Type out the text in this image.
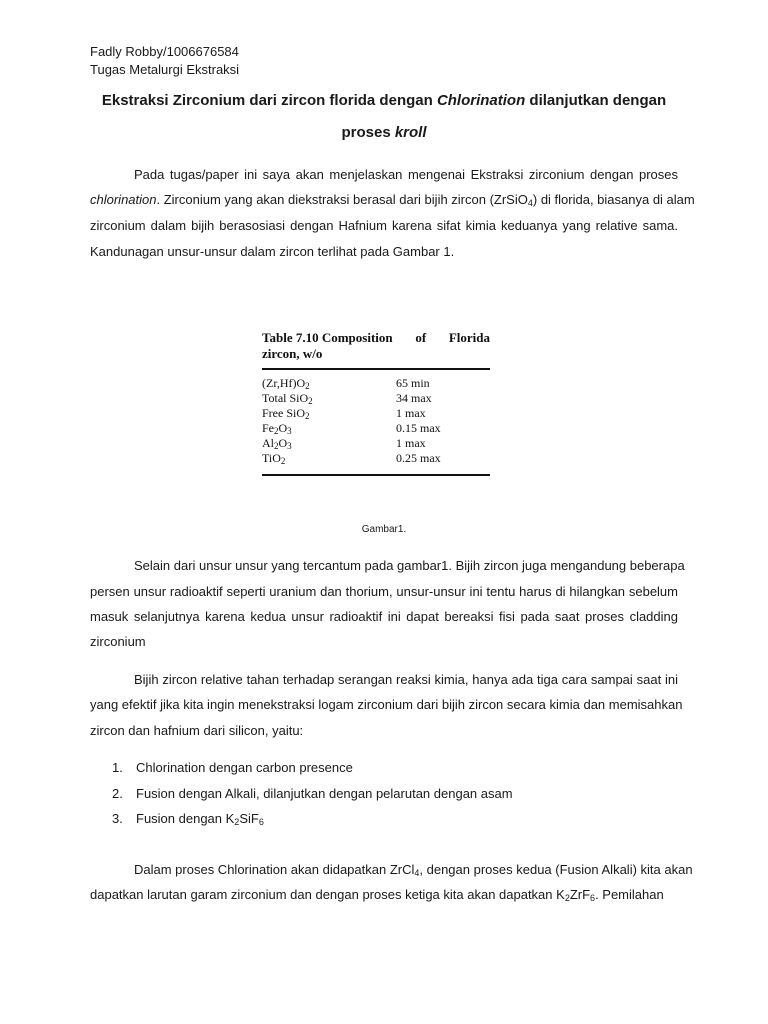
Fadly Robby/1006676584
Tugas Metalurgi Ekstraksi
Ekstraksi Zirconium dari zircon florida dengan Chlorination dilanjutkan dengan
proses kroll
Pada tugas/paper ini saya akan menjelaskan mengenai Ekstraksi zirconium dengan proses
chlorination. Zirconium yang akan diekstraksi berasal dari bijih zircon (ZrSiO$_4$) di florida, biasanya di alam
zirconium dalam bijih berasosiasi dengan Hafnium karena sifat kimia keduanya yang relative sama.
Kandunagan unsur-unsur dalam zircon terlihat pada Gambar 1.
Table 7.10 Composition of Florida
zircon, w/o
$(Zr,Hf)O_2$	65 min
Total SiO$_2$	34 max
Free SiO$_2$	1 max
$Fe_2O_3$	0.15 max
$Al_2O_3$	1 max
TiO$_2$	0.25 max
Gambar1.
Selain dari unsur unsur yang tercantum pada gambar1. Bijih zircon juga mengandung beberapa
persen unsur radioaktif seperti uranium dan thorium, unsur-unsur ini tentu harus di hilangkan sebelum
masuk selanjutnya karena kedua unsur radioaktif ini dapat bereaksi fisi pada saat proses cladding
zirconium
Bijih zircon relative tahan terhadap serangan reaksi kimia, hanya ada tiga cara sampai saat ini
yang efektif jika kita ingin menekstraksi logam zirconium dari bijih zircon secara kimia dan memisahkan
zircon dan hafnium dari silicon, yaitu:
1. Chlorination dengan carbon presence
2. Fusion dengan Alkali, dilanjutkan dengan pelarutan dengan asam
3. Fusion dengan $K_2SiF_6$
Dalam proses Chlorination akan didapatkan ZrCl$_4$, dengan proses kedua (Fusion Alkali) kita akan
dapatkan larutan garam zirconium dan dengan proses ketiga kita akan dapatkan $K_2ZrF_6$. Pemilahan
